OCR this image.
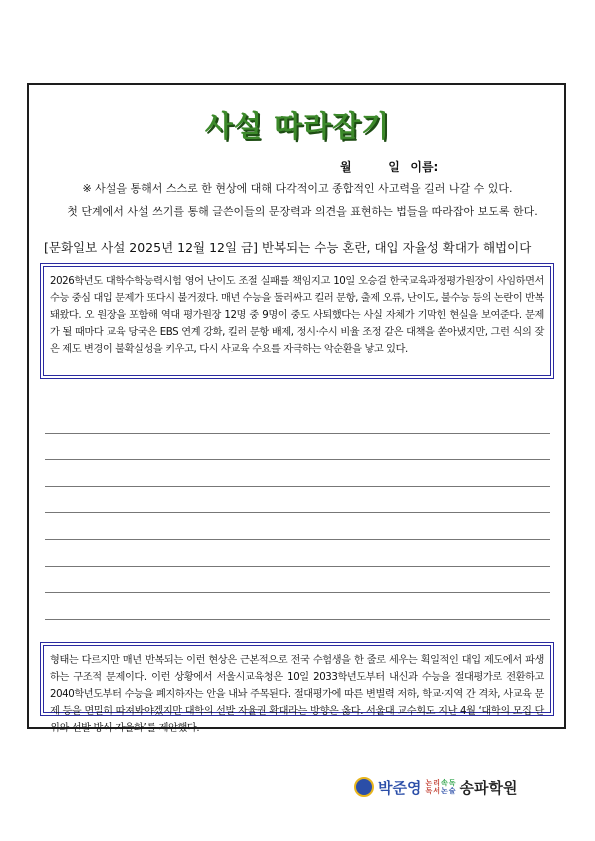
사설 따라잡기
월	일 이름:
※ 사설을 통해서 스스로 한 현상에 대해 다각적이고 종합적인 사고력을 길러 나갈 수 있다.
첫 단계에서 사설 쓰기를 통해 글쓴이들의 문장력과 의견을 표현하는 법들을 따라잡아 보도록 한다.
[문화일보 사설 2025년 12월 12일 금] 반복되는 수능 혼란, 대입 자율성 확대가 해법이다
2026학년도 대학수학능력시험 영어 난이도 조절 실패를 책임지고 10일 오승걸 한국교육과정평가원장이 사임하면서 수능 중심 대입 문제가 또다시 불거졌다. 매년 수능을 둘러싸고 킬러 문항, 출제 오류, 난이도, 불수능 등의 논란이 반복돼왔다. 오 원장을 포함해 역대 평가원장 12명 중 9명이 중도 사퇴했다는 사실 자체가 기막힌 현실을 보여준다. 문제가 될 때마다 교육 당국은 EBS 연계 강화, 킬러 문항 배제, 정시·수시 비율 조정 같은 대책을 쏟아냈지만, 그런 식의 잦은 제도 변경이 불확실성을 키우고, 다시 사교육 수요를 자극하는 악순환을 낳고 있다.
형태는 다르지만 매년 반복되는 이런 현상은 근본적으로 전국 수험생을 한 줄로 세우는 획일적인 대입 제도에서 파생하는 구조적 문제이다. 이런 상황에서 서울시교육청은 10일 2033학년도부터 내신과 수능을 절대평가로 전환하고 2040학년도부터 수능을 폐지하자는 안을 내놔 주목된다. 절대평가에 따른 변별력 저하, 학교·지역 간 격차, 사교육 문제 등을 면밀히 따져봐야겠지만 대학의 선발 자율권 확대라는 방향은 옳다. 서울대 교수회도 지난 4월 ‘대학의 모집 단위와 선발 방식 자율화’를 제안했다.
박준영 논 리 속 독
독 서 논 술 송파학원
